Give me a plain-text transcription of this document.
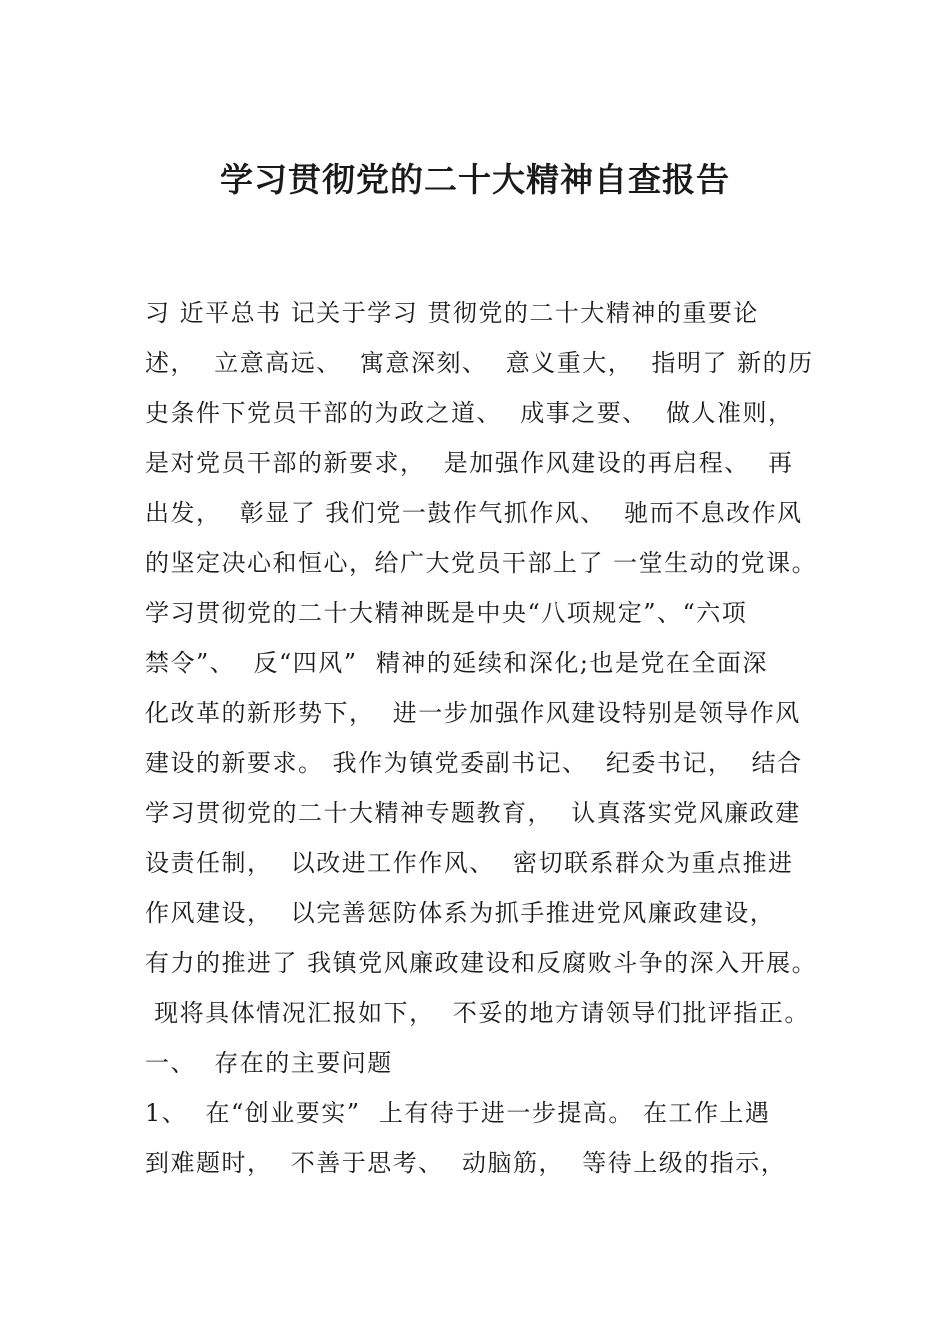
学习贯彻党的二十大精神自查报告
习 近平总书 记关于学习 贯彻党的二十大精神的重要论
述，  立意高远、  寓意深刻、  意义重大，  指明了 新的历
史条件下党员干部的为政之道、  成事之要、  做人准则，
是对党员干部的新要求，  是加强作风建设的再启程、  再
出发，  彰显了 我们党一鼓作气抓作风、  驰而不息改作风
的坚定决心和恒心，给广大党员干部上了 一堂生动的党课。
学习贯彻党的二十大精神既是中央“八项规定”、“六项
禁令”、  反“四风”  精神的延续和深化;也是党在全面深
化改革的新形势下，  进一步加强作风建设特别是领导作风
建设的新要求。 我作为镇党委副书记、  纪委书记，  结合
学习贯彻党的二十大精神专题教育，  认真落实党风廉政建
设责任制，  以改进工作作风、  密切联系群众为重点推进
作风建设，  以完善惩防体系为抓手推进党风廉政建设，
有力的推进了 我镇党风廉政建设和反腐败斗争的深入开展。
现将具体情况汇报如下，  不妥的地方请领导们批评指正。
一、  存在的主要问题
1、  在“创业要实”  上有待于进一步提高。 在工作上遇
到难题时，  不善于思考、  动脑筋，  等待上级的指示，
